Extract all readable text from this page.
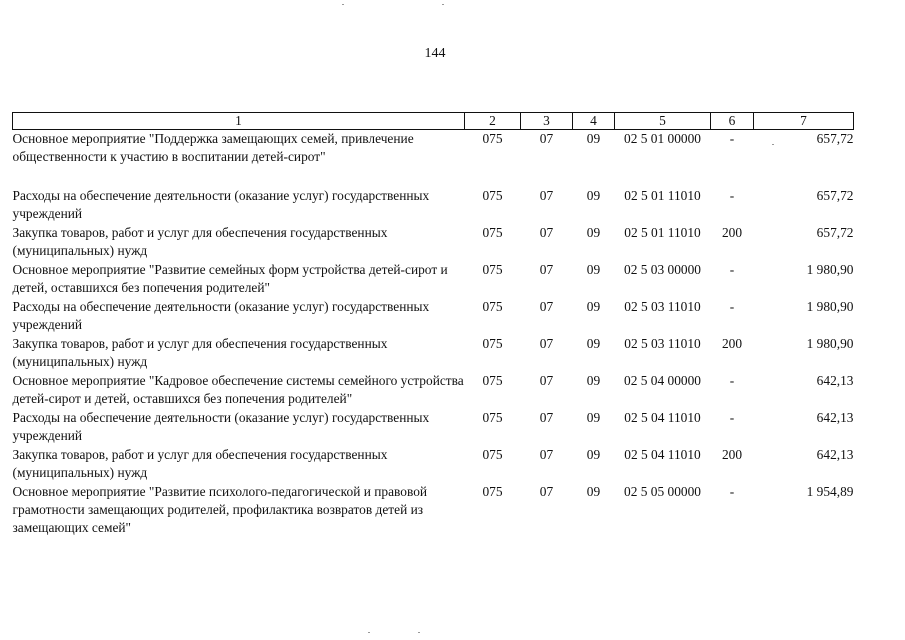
144
1	2	3	4	5	6	7
Основное мероприятие "Поддержка замещающих семей, привлечение общественности к участию в воспитании детей-сирот"	075	07	09	02 5 01 00000	-	657,72
Расходы на обеспечение деятельности (оказание услуг) государственных учреждений	075	07	09	02 5 01 11010	-	657,72
Закупка товаров, работ и услуг для обеспечения государственных (муниципальных) нужд	075	07	09	02 5 01 11010	200	657,72
Основное мероприятие "Развитие семейных форм устройства детей-сирот и детей, оставшихся без попечения родителей"	075	07	09	02 5 03 00000	-	1 980,90
Расходы на обеспечение деятельности (оказание услуг) государственных учреждений	075	07	09	02 5 03 11010	-	1 980,90
Закупка товаров, работ и услуг для обеспечения государственных (муниципальных) нужд	075	07	09	02 5 03 11010	200	1 980,90
Основное мероприятие "Кадровое обеспечение системы семейного устройства детей-сирот и детей, оставшихся без попечения родителей"	075	07	09	02 5 04 00000	-	642,13
Расходы на обеспечение деятельности (оказание услуг) государственных учреждений	075	07	09	02 5 04 11010	-	642,13
Закупка товаров, работ и услуг для обеспечения государственных (муниципальных) нужд	075	07	09	02 5 04 11010	200	642,13
Основное мероприятие "Развитие психолого-педагогической и правовой грамотности замещающих родителей, профилактика возвратов детей из замещающих семей"	075	07	09	02 5 05 00000	-	1 954,89
